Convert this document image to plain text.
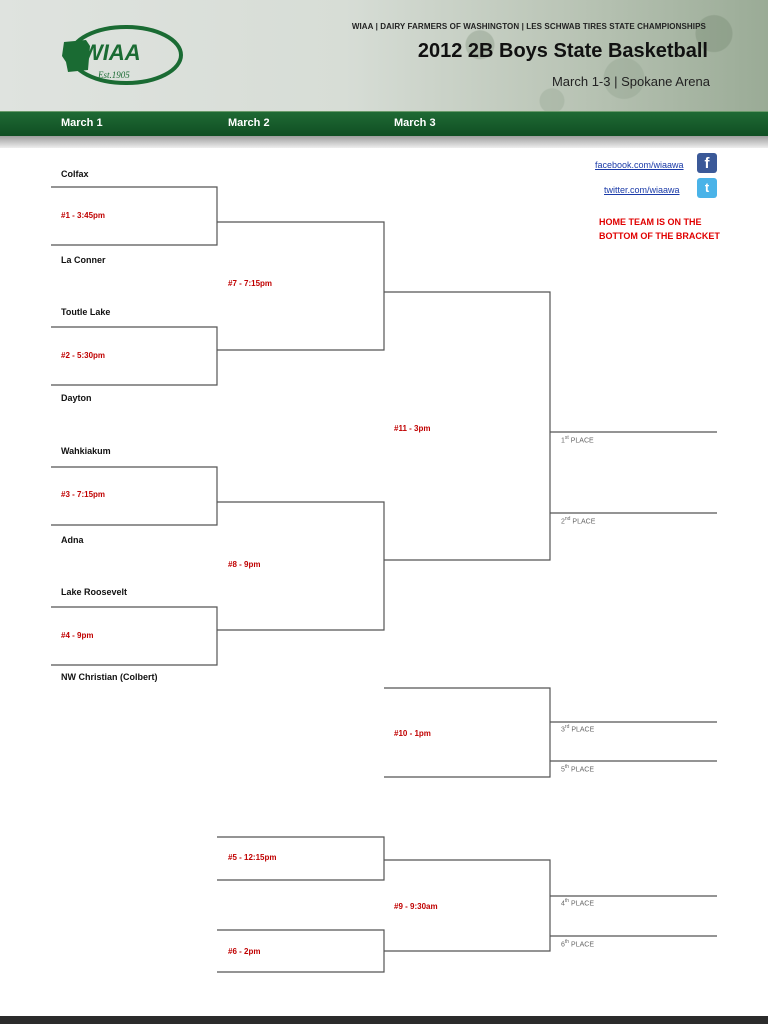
WIAA
Est.1905
WIAA | DAIRY FARMERS OF WASHINGTON | LES SCHWAB TIRES STATE CHAMPIONSHIPS
2012 2B Boys State Basketball
March 1-3 | Spokane Arena
March 1	March 2	March 3
Colfax
La Conner
Toutle Lake
Dayton
Wahkiakum
Adna
Lake Roosevelt
NW Christian (Colbert)
#1 - 3:45pm
#2 - 5:30pm
#3 - 7:15pm
#4 - 9pm
#7 - 7:15pm
#8 - 9pm
#5 - 12:15pm
#6 - 2pm
#11 - 3pm
#10 - 1pm
#9 - 9:30am
1st PLACE
2nd PLACE
3rd PLACE
5th PLACE
4th PLACE
6th PLACE
facebook.com/wiaawa	f
twitter.com/wiaawa	t
HOME TEAM IS ON THE
BOTTOM OF THE BRACKET
